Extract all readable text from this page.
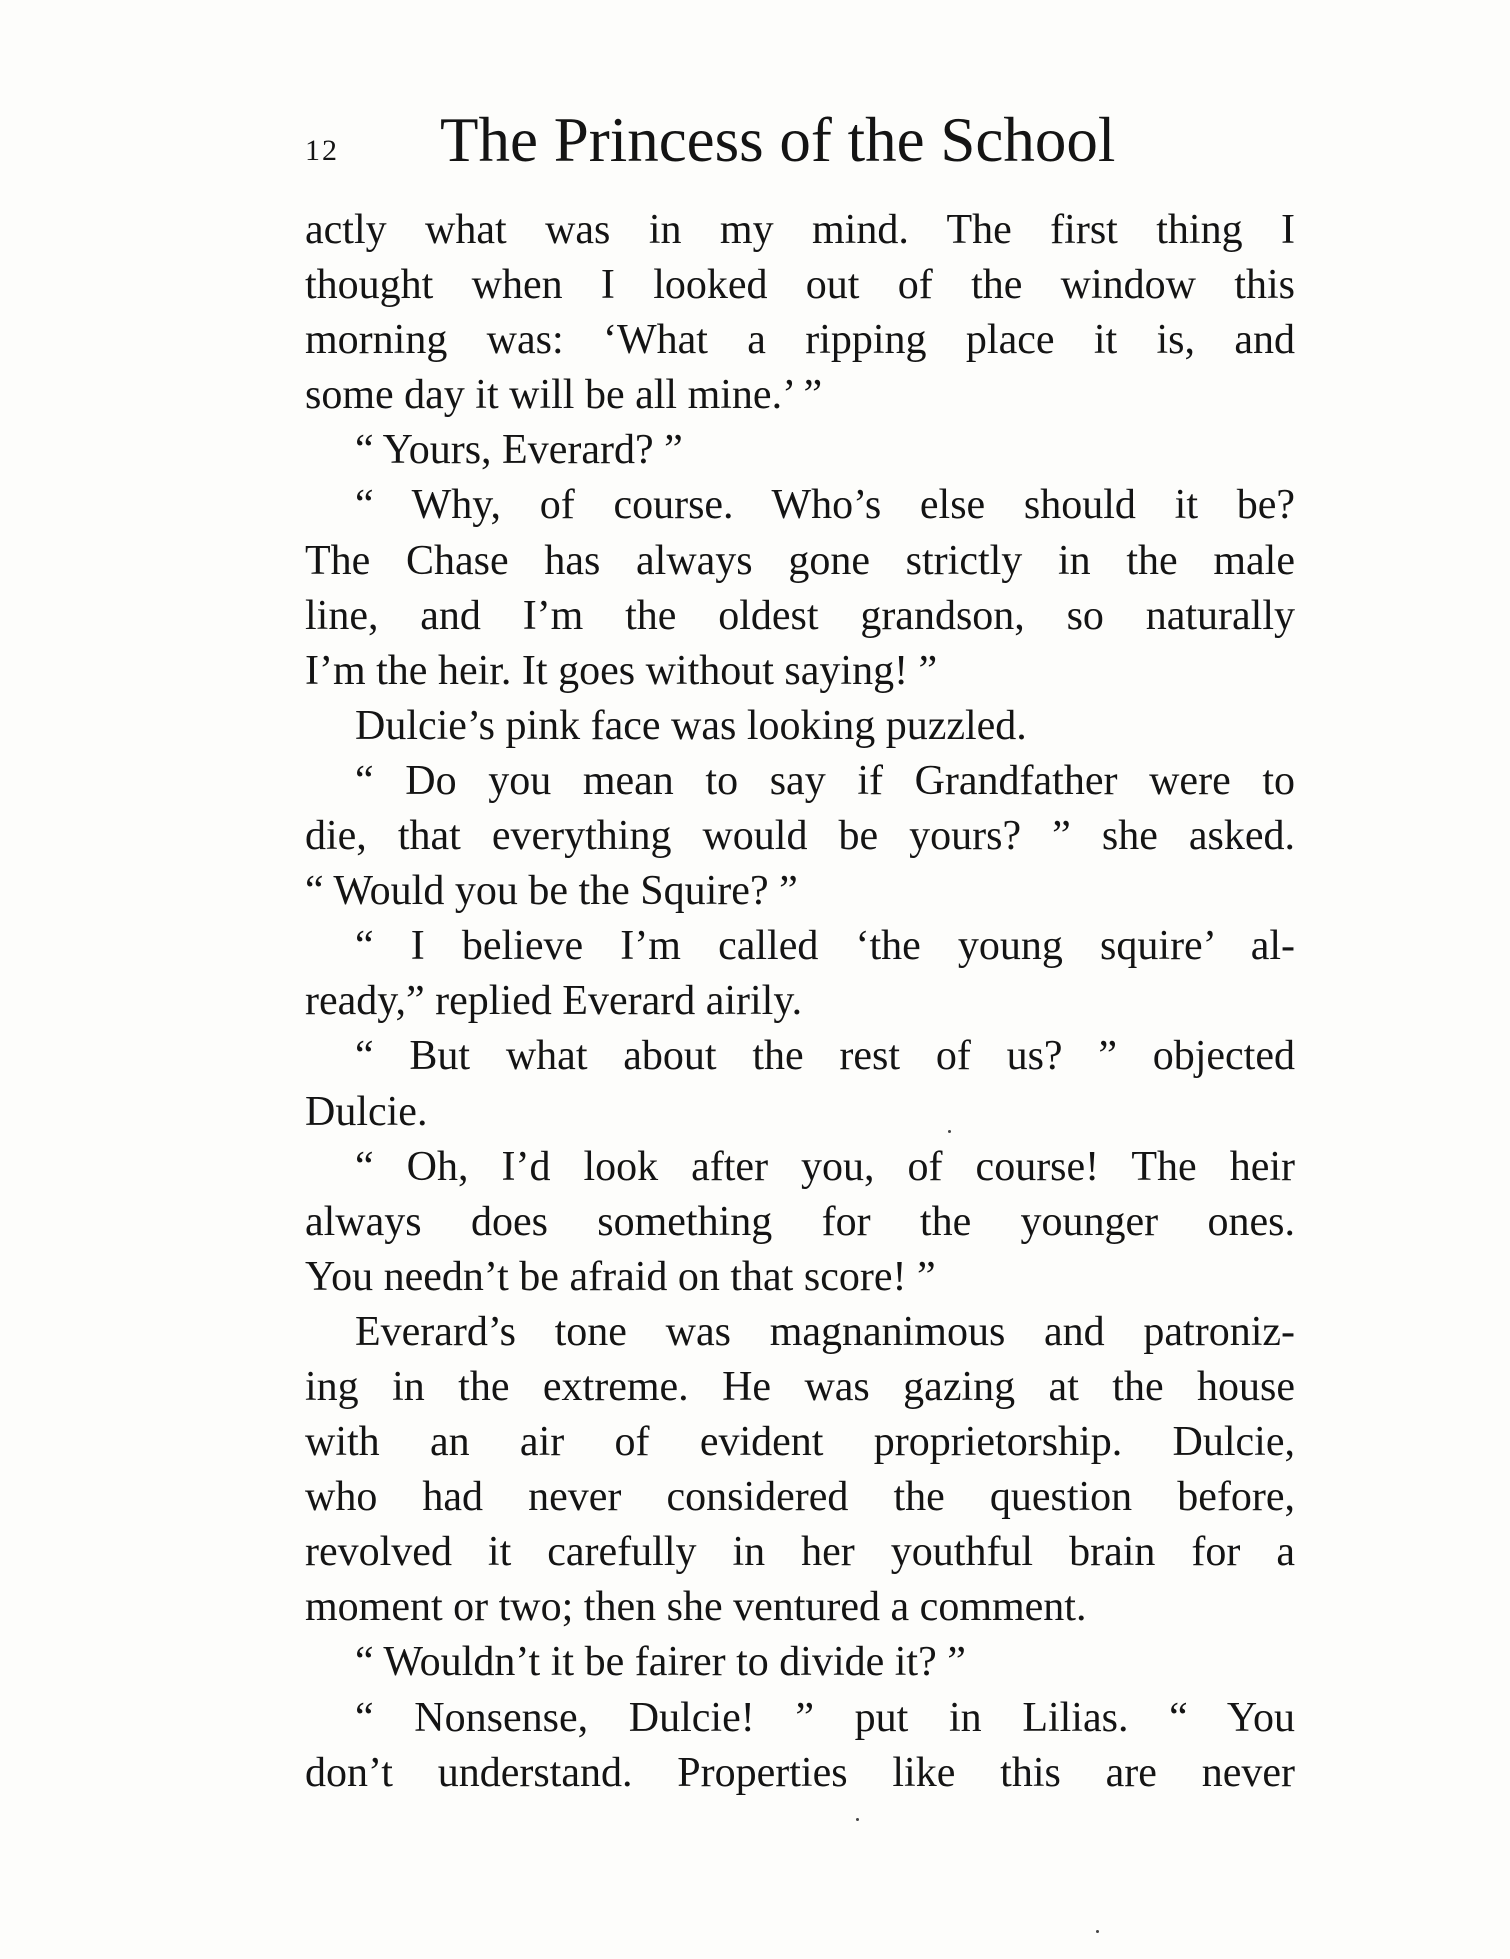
12 The Princess of the School
actly what was in my mind. The first thing I
thought when I looked out of the window this
morning was: ‘What a ripping place it is, and
some day it will be all mine.’ ”
“ Yours, Everard? ”
“ Why, of course. Who’s else should it be?
The Chase has always gone strictly in the male
line, and I’m the oldest grandson, so naturally
I’m the heir. It goes without saying! ”
Dulcie’s pink face was looking puzzled.
“ Do you mean to say if Grandfather were to
die, that everything would be yours? ” she asked.
“ Would you be the Squire? ”
“ I believe I’m called ‘the young squire’ al-
ready,” replied Everard airily.
“ But what about the rest of us? ” objected
Dulcie.
“ Oh, I’d look after you, of course! The heir
always does something for the younger ones.
You needn’t be afraid on that score! ”
Everard’s tone was magnanimous and patroniz-
ing in the extreme. He was gazing at the house
with an air of evident proprietorship. Dulcie,
who had never considered the question before,
revolved it carefully in her youthful brain for a
moment or two; then she ventured a comment.
“ Wouldn’t it be fairer to divide it? ”
“ Nonsense, Dulcie! ” put in Lilias. “ You
don’t understand. Properties like this are never
